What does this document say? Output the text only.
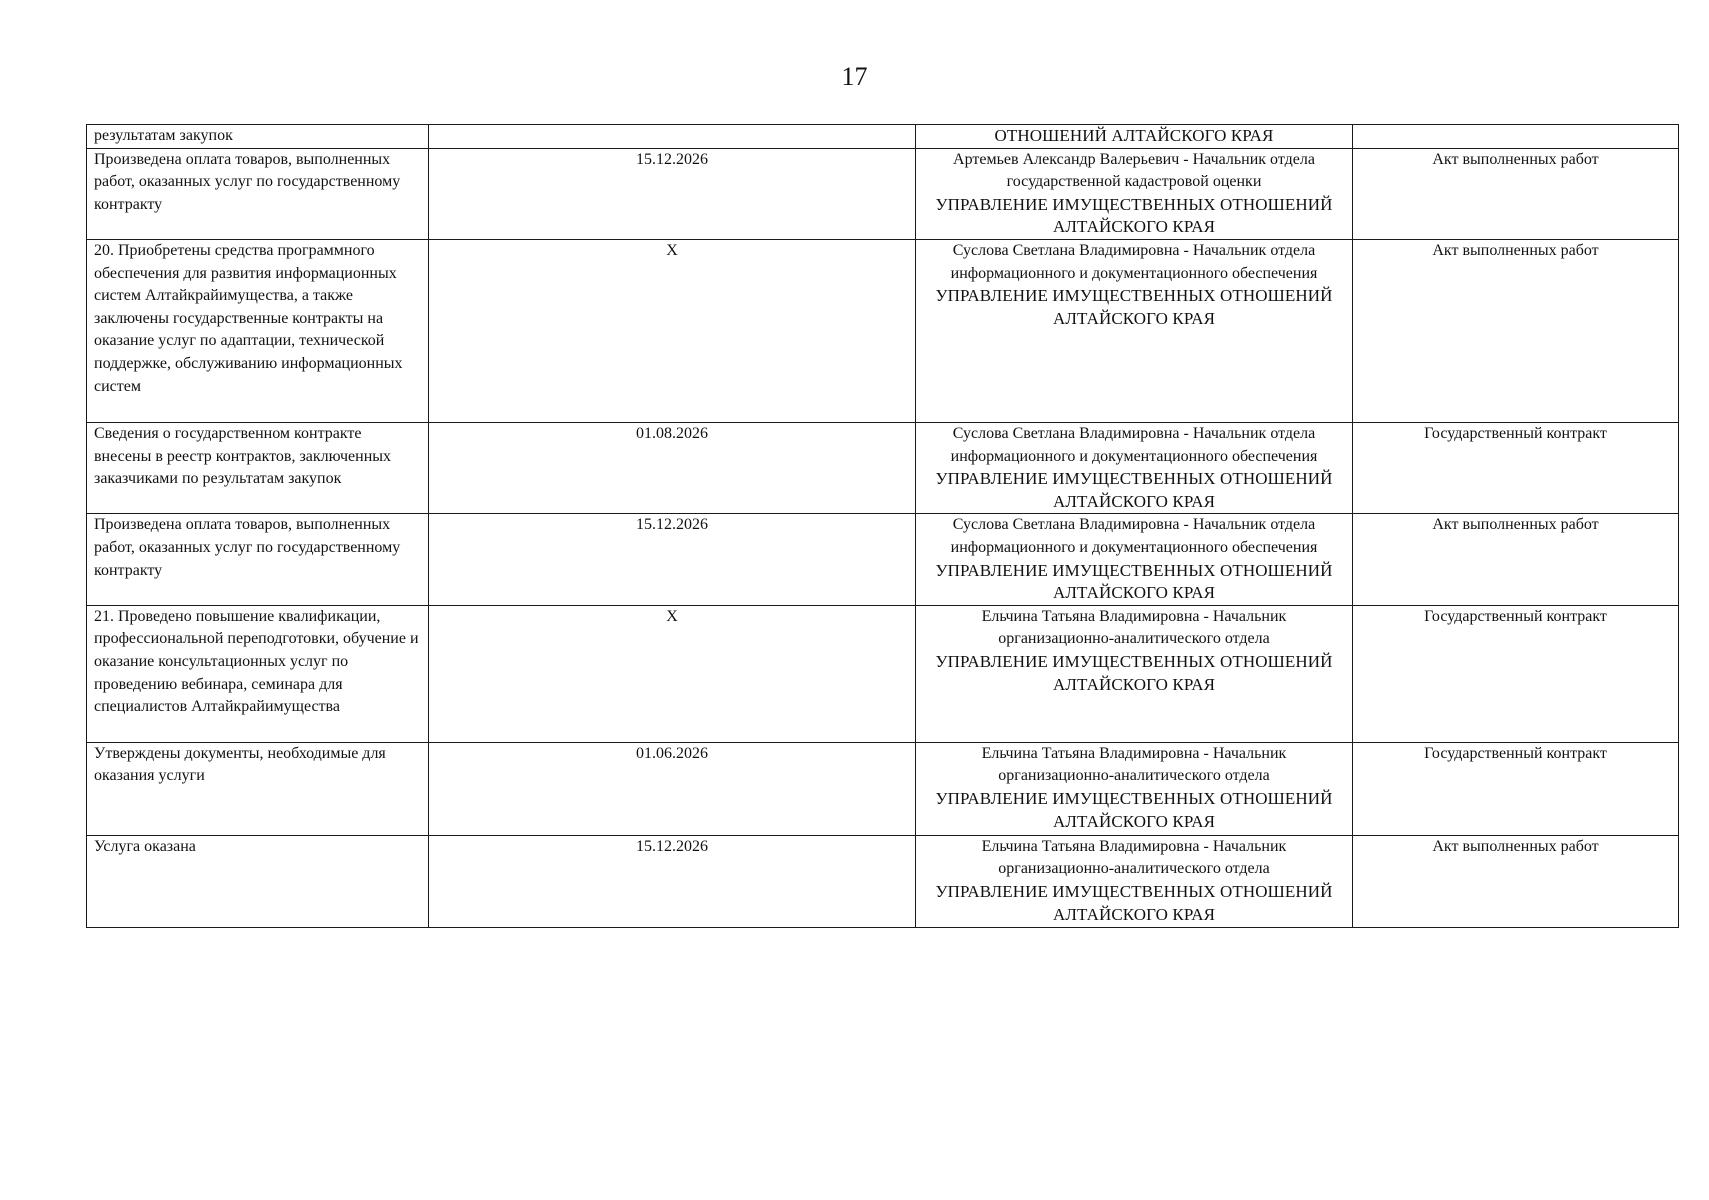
17
результатам закупок		ОТНОШЕНИЙ АЛТАЙСКОГО КРАЯ	

Произведена оплата товаров, выполненных работ, оказанных услуг по государственному контракту	15.12.2026	Артемьев Александр Валерьевич - Начальник отдела государственной кадастровой оценки
УПРАВЛЕНИЕ ИМУЩЕСТВЕННЫХ ОТНОШЕНИЙ АЛТАЙСКОГО КРАЯ	Акт выполненных работ
20. Приобретены средства программного обеспечения для развития информационных систем Алтайкрайимущества, а также заключены государственные контракты на оказание услуг по адаптации, технической поддержке, обслуживанию информационных систем	X	Суслова Светлана Владимировна - Начальник отдела информационного и документационного обеспечения
УПРАВЛЕНИЕ ИМУЩЕСТВЕННЫХ ОТНОШЕНИЙ АЛТАЙСКОГО КРАЯ	Акт выполненных работ
Сведения о государственном контракте внесены в реестр контрактов, заключенных заказчиками по результатам закупок	01.08.2026	Суслова Светлана Владимировна - Начальник отдела информационного и документационного обеспечения
УПРАВЛЕНИЕ ИМУЩЕСТВЕННЫХ ОТНОШЕНИЙ АЛТАЙСКОГО КРАЯ	Государственный контракт
Произведена оплата товаров, выполненных работ, оказанных услуг по государственному контракту	15.12.2026	Суслова Светлана Владимировна - Начальник отдела информационного и документационного обеспечения
УПРАВЛЕНИЕ ИМУЩЕСТВЕННЫХ ОТНОШЕНИЙ АЛТАЙСКОГО КРАЯ	Акт выполненных работ
21. Проведено повышение квалификации, профессиональной переподготовки, обучение и оказание консультационных услуг по проведению вебинара, семинара для специалистов Алтайкрайимущества	X	Ельчина Татьяна Владимировна - Начальник организационно-аналитического отдела
УПРАВЛЕНИЕ ИМУЩЕСТВЕННЫХ ОТНОШЕНИЙ АЛТАЙСКОГО КРАЯ	Государственный контракт
Утверждены документы, необходимые для оказания услуги	01.06.2026	Ельчина Татьяна Владимировна - Начальник организационно-аналитического отдела
УПРАВЛЕНИЕ ИМУЩЕСТВЕННЫХ ОТНОШЕНИЙ АЛТАЙСКОГО КРАЯ	Государственный контракт
Услуга оказана	15.12.2026	Ельчина Татьяна Владимировна - Начальник организационно-аналитического отдела
УПРАВЛЕНИЕ ИМУЩЕСТВЕННЫХ ОТНОШЕНИЙ АЛТАЙСКОГО КРАЯ	Акт выполненных работ
